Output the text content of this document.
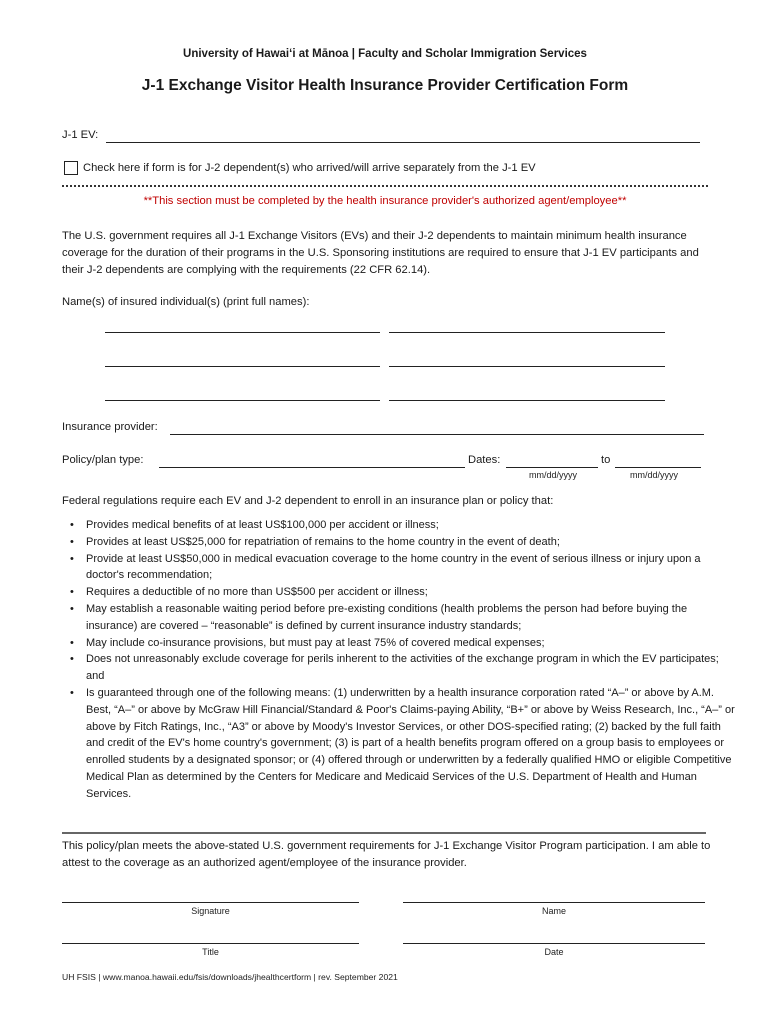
University of Hawaiʻi at Mānoa | Faculty and Scholar Immigration Services
J-1 Exchange Visitor Health Insurance Provider Certification Form
J-1 EV:
Check here if form is for J-2 dependent(s) who arrived/will arrive separately from the J-1 EV
**This section must be completed by the health insurance provider's authorized agent/employee**
The U.S. government requires all J-1 Exchange Visitors (EVs) and their J-2 dependents to maintain minimum health insurance coverage for the duration of their programs in the U.S. Sponsoring institutions are required to ensure that J-1 EV participants and their J-2 dependents are complying with the requirements (22 CFR 62.14).
Name(s) of insured individual(s) (print full names):
Insurance provider:
Policy/plan type:	Dates:	to
mm/dd/yyyy	mm/dd/yyyy
Federal regulations require each EV and J-2 dependent to enroll in an insurance plan or policy that:
• Provides medical benefits of at least US$100,000 per accident or illness;
• Provides at least US$25,000 for repatriation of remains to the home country in the event of death;
• Provide at least US$50,000 in medical evacuation coverage to the home country in the event of serious illness or injury upon a doctor's recommendation;
• Requires a deductible of no more than US$500 per accident or illness;
• May establish a reasonable waiting period before pre-existing conditions (health problems the person had before buying the insurance) are covered – “reasonable” is defined by current insurance industry standards;
• May include co-insurance provisions, but must pay at least 75% of covered medical expenses;
• Does not unreasonably exclude coverage for perils inherent to the activities of the exchange program in which the EV participates; and
• Is guaranteed through one of the following means: (1) underwritten by a health insurance corporation rated “A–” or above by A.M. Best, “A–” or above by McGraw Hill Financial/Standard & Poor's Claims-paying Ability, “B+” or above by Weiss Research, Inc., “A–” or above by Fitch Ratings, Inc., “A3” or above by Moody's Investor Services, or other DOS-specified rating; (2) backed by the full faith and credit of the EV's home country's government; (3) is part of a health benefits program offered on a group basis to employees or enrolled students by a designated sponsor; or (4) offered through or underwritten by a federally qualified HMO or eligible Competitive Medical Plan as determined by the Centers for Medicare and Medicaid Services of the U.S. Department of Health and Human Services.
This policy/plan meets the above-stated U.S. government requirements for J-1 Exchange Visitor Program participation. I am able to attest to the coverage as an authorized agent/employee of the insurance provider.
Signature	Name
Title	Date
UH FSIS | www.manoa.hawaii.edu/fsis/downloads/jhealthcertform | rev. September 2021
